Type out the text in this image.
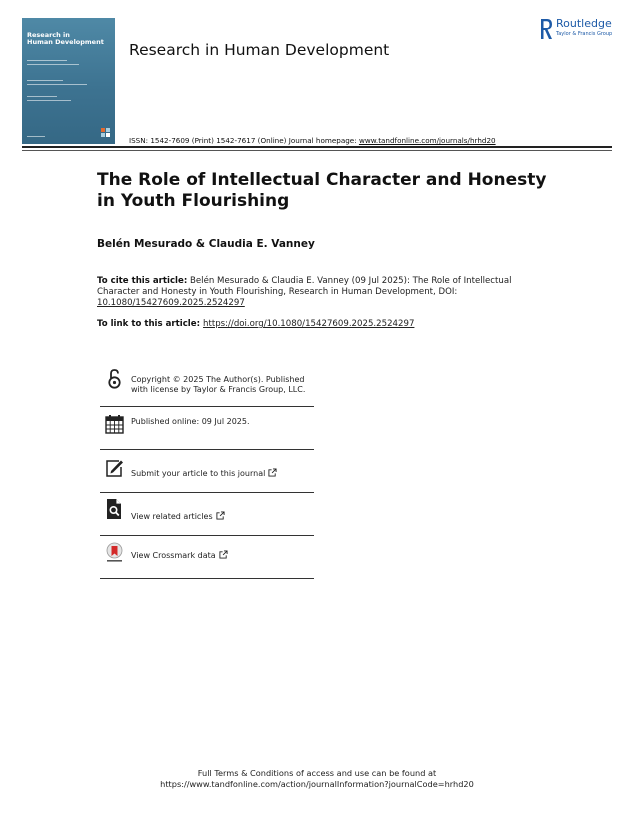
Research in
Human Development Research in Human Development
Routledge
Taylor & Francis Group
ISSN: 1542-7609 (Print) 1542-7617 (Online) Journal homepage: www.tandfonline.com/journals/hrhd20
The Role of Intellectual Character and Honesty in Youth Flourishing
Belén Mesurado & Claudia E. Vanney
To cite this article: Belén Mesurado & Claudia E. Vanney (09 Jul 2025): The Role of Intellectual Character and Honesty in Youth Flourishing, Research in Human Development, DOI: 10.1080/15427609.2025.2524297
To link to this article: https://doi.org/10.1080/15427609.2025.2524297
Copyright © 2025 The Author(s). Published
with license by Taylor & Francis Group, LLC.
Published online: 09 Jul 2025.
Submit your article to this journal
View related articles
View Crossmark data
Full Terms & Conditions of access and use can be found at
https://www.tandfonline.com/action/journalInformation?journalCode=hrhd20
